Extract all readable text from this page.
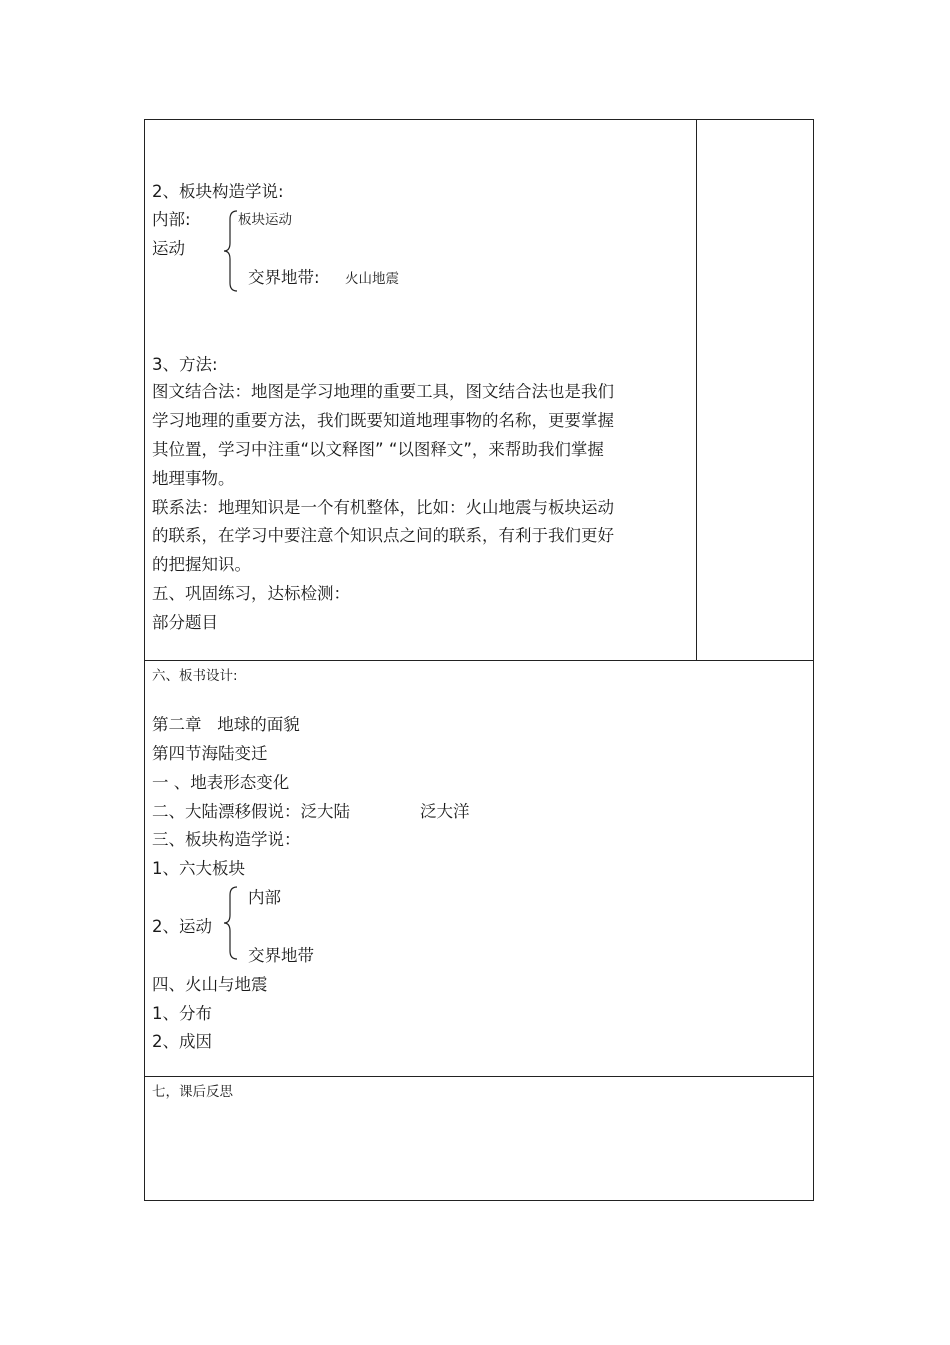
2、板块构造学说:
内部:
运动
板块运动
交界地带: 火山地震
3、方法:
图文结合法：地图是学习地理的重要工具，图文结合法也是我们
学习地理的重要方法，我们既要知道地理事物的名称，更要掌握
其位置，学习中注重“以文释图” “以图释文”，来帮助我们掌握
地理事物。
联系法：地理知识是一个有机整体，比如：火山地震与板块运动
的联系，在学习中要注意个知识点之间的联系，有利于我们更好
的把握知识。
五、巩固练习，达标检测：
部分题目
六、板书设计:
第二章   地球的面貌
第四节海陆变迁
一 、地表形态变化
二、大陆漂移假说：泛大陆	泛大洋
三、板块构造学说：
1、六大板块
内部
2、运动
交界地带
四、火山与地震
1、分布
2、成因
七，课后反思
